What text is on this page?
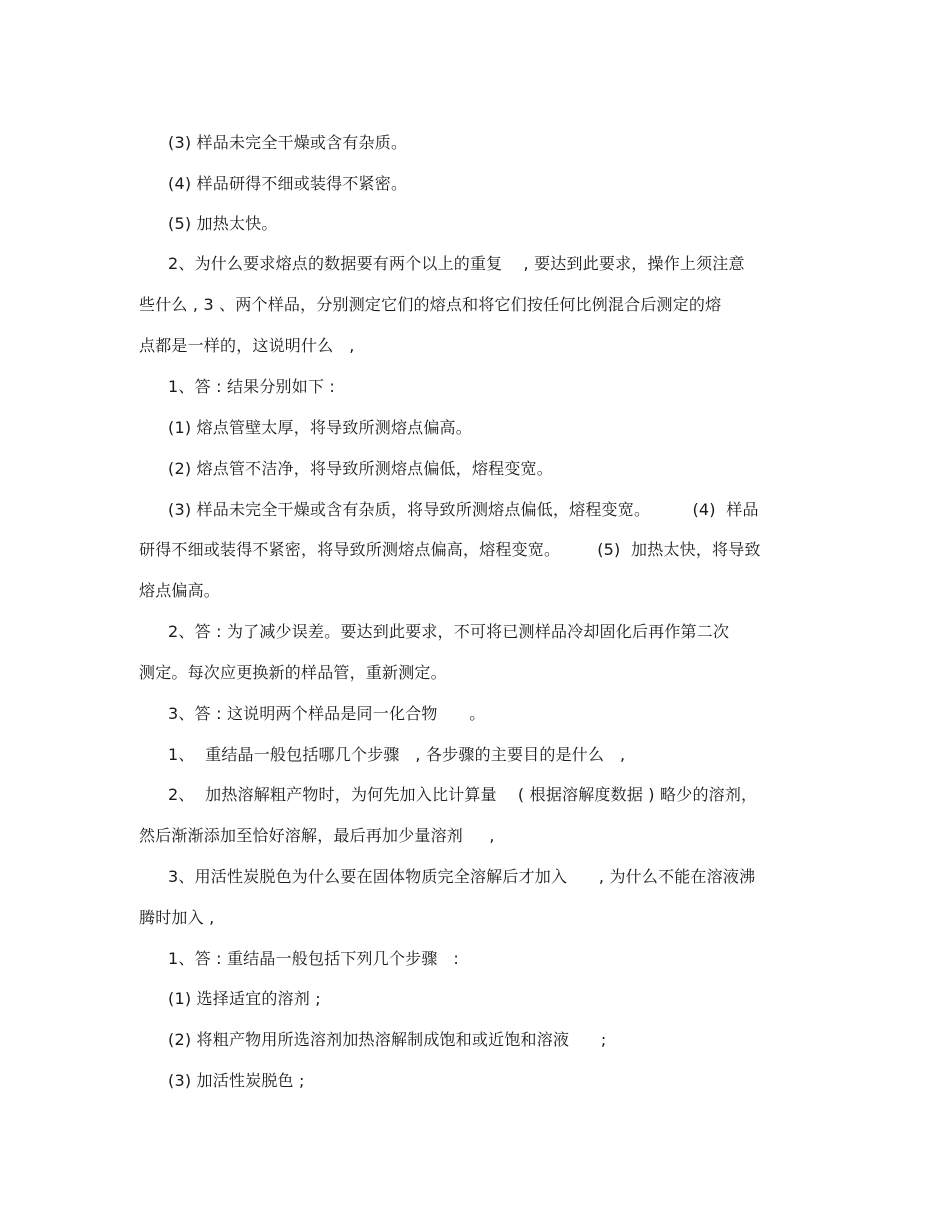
(3) 样品未完全干燥或含有杂质。
(4) 样品研得不细或装得不紧密。
(5) 加热太快。
2、为什么要求熔点的数据要有两个以上的重复    , 要达到此要求，操作上须注意
些什么 , 3 、两个样品，分别测定它们的熔点和将它们按任何比例混合后测定的熔
点都是一样的，这说明什么   ,
1、答 : 结果分别如下 :
(1) 熔点管壁太厚，将导致所测熔点偏高。
(2) 熔点管不洁净，将导致所测熔点偏低，熔程变宽。
(3) 样品未完全干燥或含有杂质，将导致所测熔点偏低，熔程变宽。        (4)  样品
研得不细或装得不紧密，将导致所测熔点偏高，熔程变宽。       (5)  加热太快，将导致
熔点偏高。
2、答 : 为了减少误差。要达到此要求，不可将已测样品冷却固化后再作第二次
测定。每次应更换新的样品管，重新测定。
3、答 : 这说明两个样品是同一化合物      。
1、  重结晶一般包括哪几个步骤   , 各步骤的主要目的是什么   ,
2、  加热溶解粗产物时，为何先加入比计算量    ( 根据溶解度数据 ) 略少的溶剂，
然后渐渐添加至恰好溶解，最后再加少量溶剂     ,
3、用活性炭脱色为什么要在固体物质完全溶解后才加入      , 为什么不能在溶液沸
腾时加入 ,
1、答 : 重结晶一般包括下列几个步骤   :
(1) 选择适宜的溶剂 ;
(2) 将粗产物用所选溶剂加热溶解制成饱和或近饱和溶液      ;
(3) 加活性炭脱色 ;
